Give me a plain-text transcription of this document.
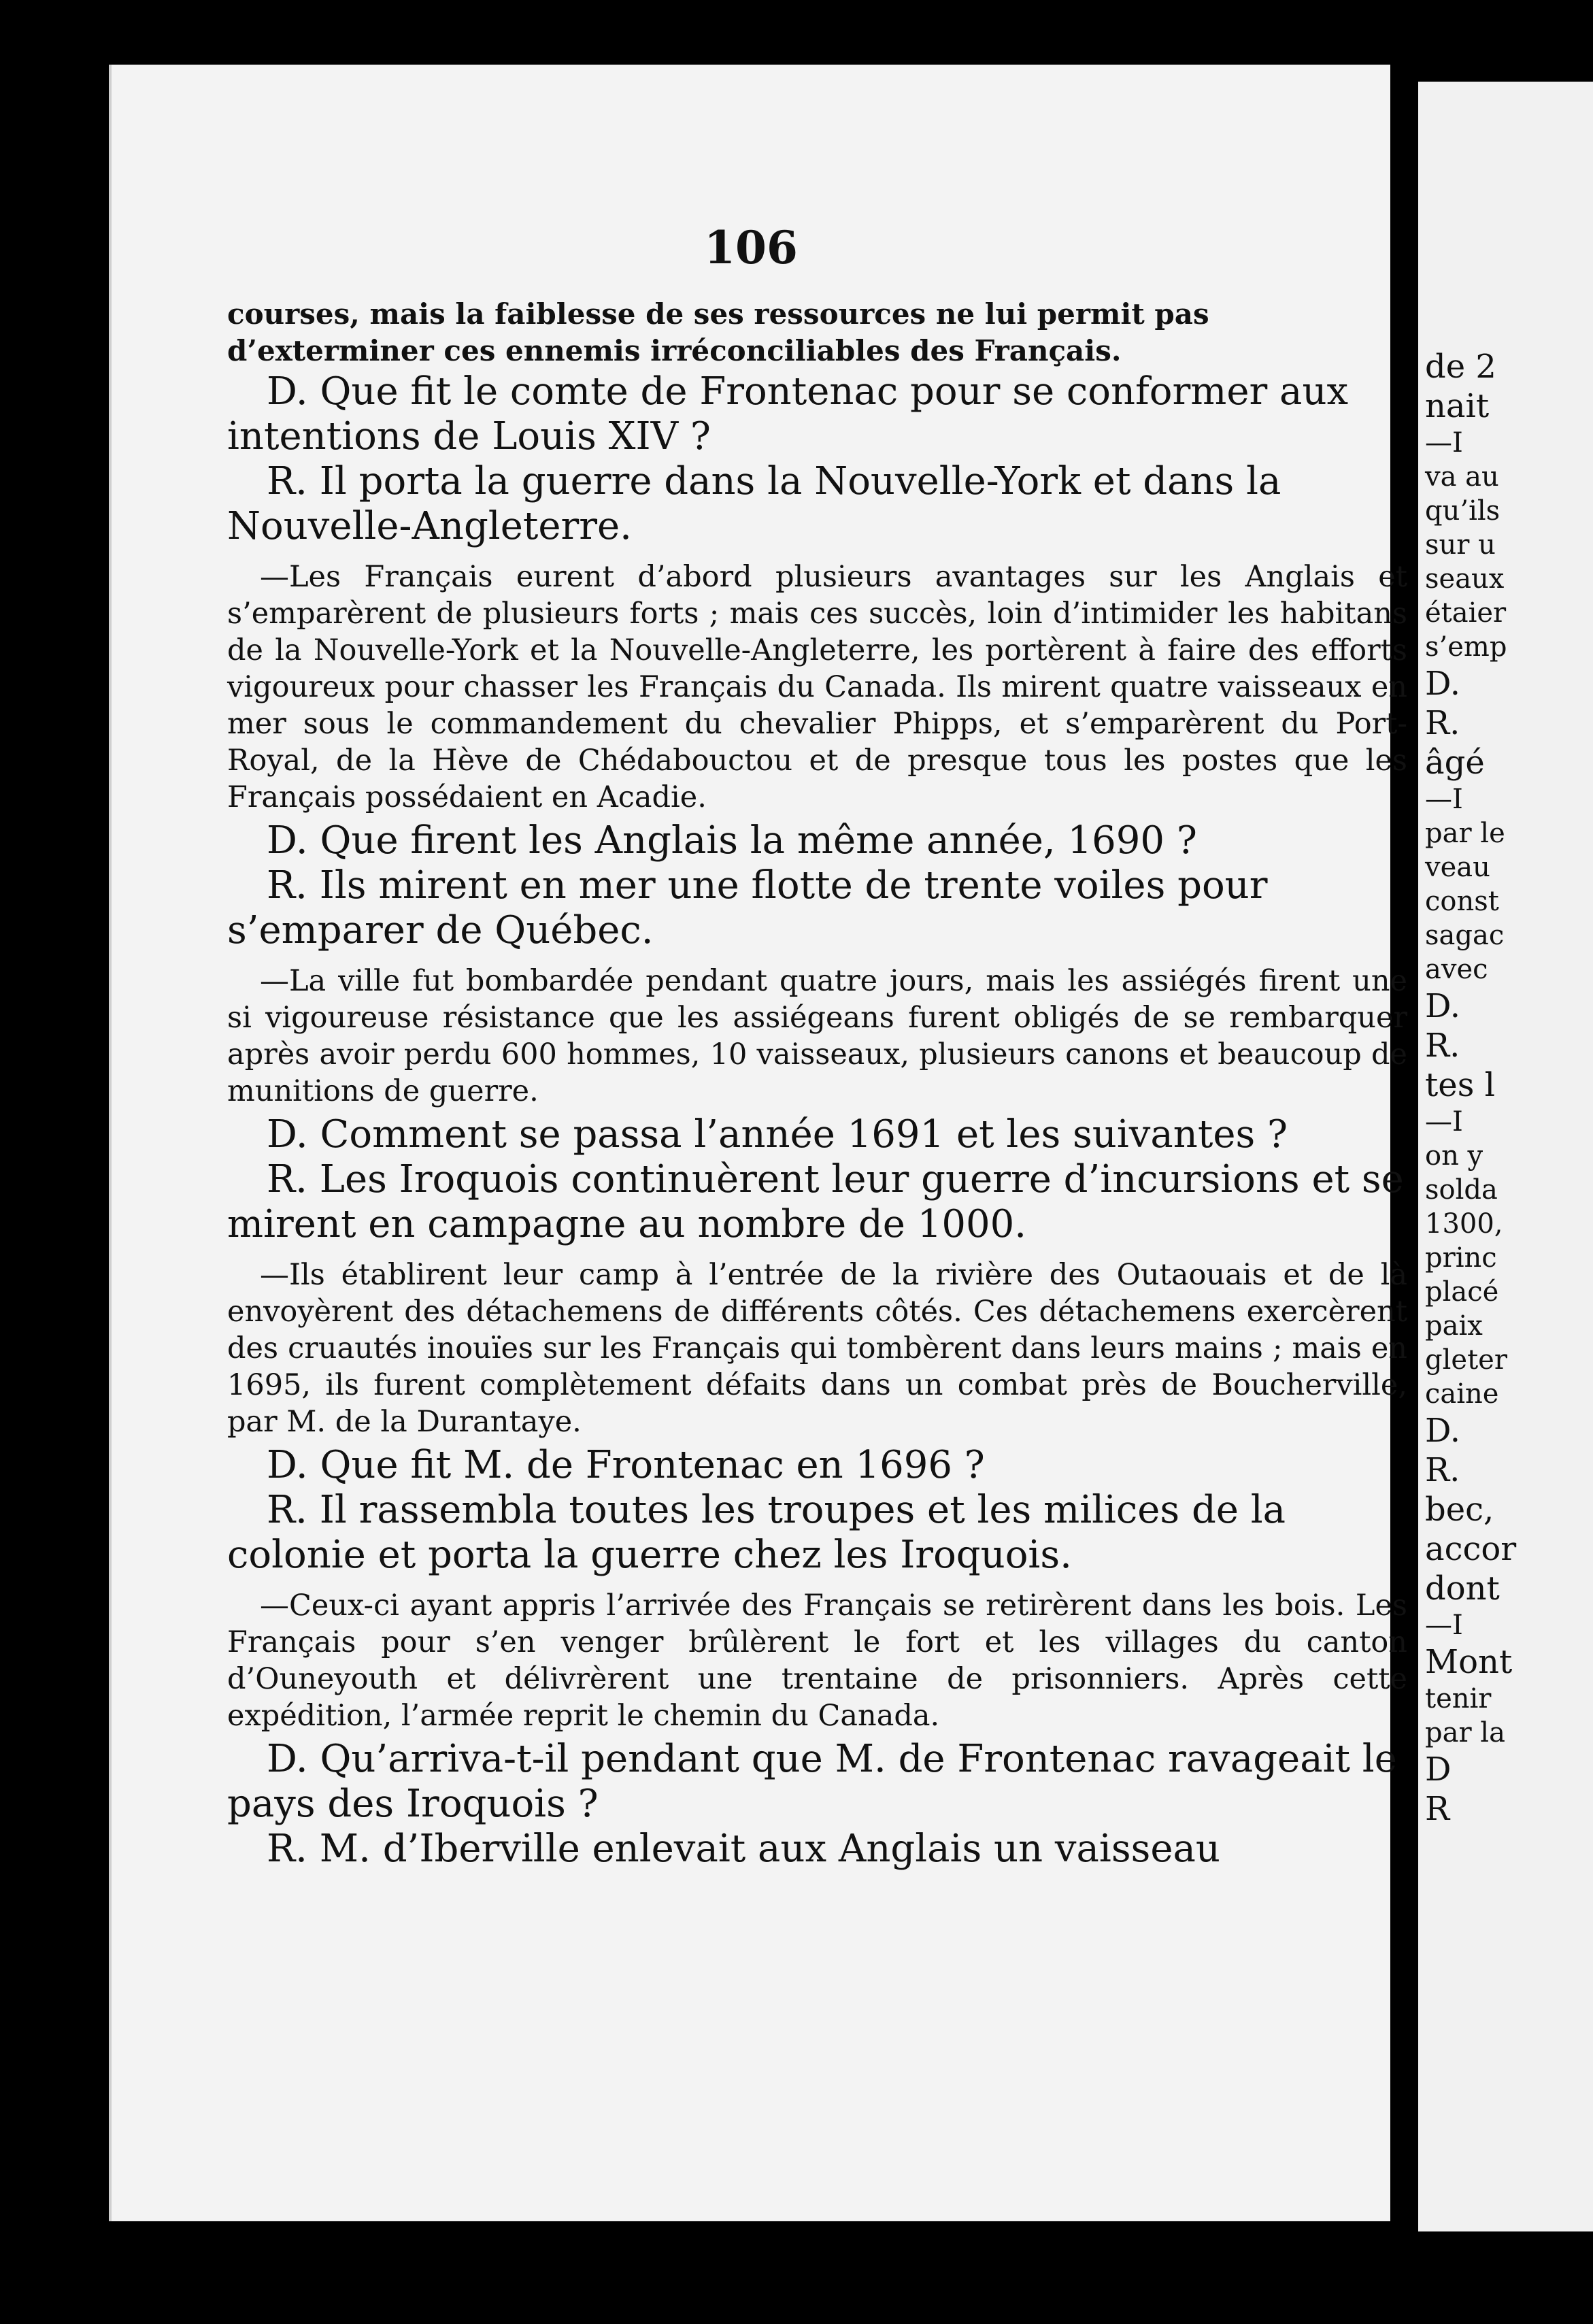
106

courses, mais la faiblesse de ses ressources ne lui permit pas d’exterminer ces ennemis irréconciliables des Français.

D. Que fit le comte de Frontenac pour se conformer aux intentions de Louis XIV ?

R. Il porta la guerre dans la Nouvelle-York et dans la Nouvelle-Angleterre.

—Les Français eurent d’abord plusieurs avantages sur les Anglais et s’emparèrent de plusieurs forts ; mais ces succès, loin d’intimider les habitans de la Nouvelle-York et la Nouvelle-Angleterre, les portèrent à faire des efforts vigoureux pour chasser les Français du Canada. Ils mirent quatre vaisseaux en mer sous le commandement du chevalier Phipps, et s’emparèrent du Port-Royal, de la Hève de Chédabouctou et de presque tous les postes que les Français possédaient en Acadie.

D. Que firent les Anglais la même année, 1690 ?

R. Ils mirent en mer une flotte de trente voiles pour s’emparer de Québec.

—La ville fut bombardée pendant quatre jours, mais les assiégés firent une si vigoureuse résistance que les assiégeans furent obligés de se rembarquer après avoir perdu 600 hommes, 10 vaisseaux, plusieurs canons et beaucoup de munitions de guerre.

D. Comment se passa l’année 1691 et les suivantes ?

R. Les Iroquois continuèrent leur guerre d’incursions et se mirent en campagne au nombre de 1000.

—Ils établirent leur camp à l’entrée de la rivière des Outaouais et de là envoyèrent des détachemens de différents côtés. Ces détachemens exercèrent des cruautés inouïes sur les Français qui tombèrent dans leurs mains ; mais en 1695, ils furent complètement défaits dans un combat près de Boucherville, par M. de la Durantaye.

D. Que fit M. de Frontenac en 1696 ?

R. Il rassembla toutes les troupes et les milices de la colonie et porta la guerre chez les Iroquois.

—Ceux-ci ayant appris l’arrivée des Français se retirèrent dans les bois. Les Français pour s’en venger brûlèrent le fort et les villages du canton d’Ouneyouth et délivrèrent une trentaine de prisonniers. Après cette expédition, l’armée reprit le chemin du Canada.

D. Qu’arriva-t-il pendant que M. de Frontenac ravageait le pays des Iroquois ?

R. M. d’Iberville enlevait aux Anglais un vaisseau

de 2

nait

—I

va au

qu’ils

sur u

seaux

étaier

s’emp

D.

R.

âgé

—I

par le

veau

const

sagac

avec

D.

R.

tes l

—I

on y

solda

1300,

princ

placé

paix

gleter

caine

D.

R.

bec,

accor

dont

—I

Mont

tenir

par la

D

R
